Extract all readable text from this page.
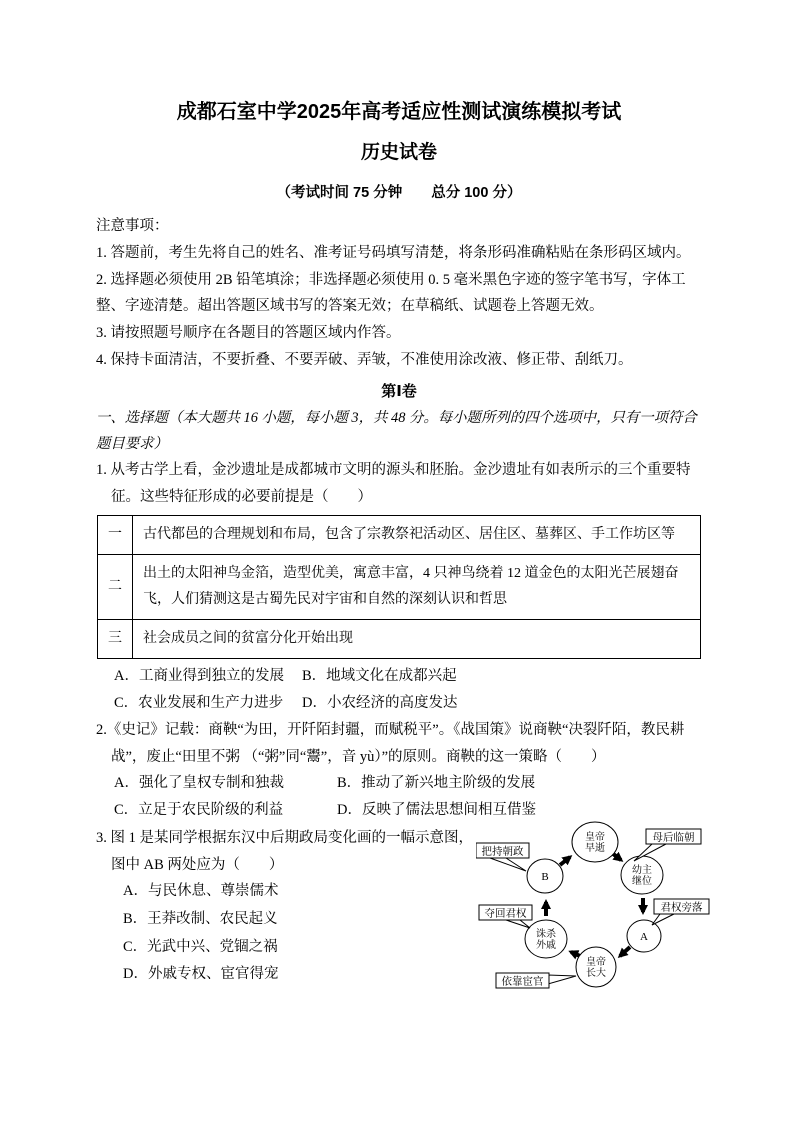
成都石室中学2025年高考适应性测试演练模拟考试
历史试卷
（考试时间 75 分钟　　总分 100 分）

注意事项：

1. 答题前，考生先将自己的姓名、准考证号码填写清楚，将条形码准确粘贴在条形码区域内。

2. 选择题必须使用 2B 铅笔填涂；非选择题必须使用 0. 5 毫米黑色字迹的签字笔书写，字体工整、字迹清楚。超出答题区域书写的答案无效；在草稿纸、试题卷上答题无效。

3. 请按照题号顺序在各题目的答题区域内作答。

4. 保持卡面清洁，不要折叠、不要弄破、弄皱，不准使用涂改液、修正带、刮纸刀。

第Ⅰ卷
一、选择题（本大题共 16 小题，每小题 3，共 48 分。每小题所列的四个选项中，只有一项符合题目要求）

1. 从考古学上看，金沙遗址是成都城市文明的源头和胚胎。金沙遗址有如表所示的三个重要特征。这些特征形成的必要前提是（　　）

一	古代都邑的合理规划和布局，包含了宗教祭祀活动区、居住区、墓葬区、手工作坊区等
二	出土的太阳神鸟金箔，造型优美，寓意丰富，4 只神鸟绕着 12 道金色的太阳光芒展翅奋飞，人们猜测这是古蜀先民对宇宙和自然的深刻认识和哲思
三	社会成员之间的贫富分化开始出现
A．工商业得到独立的发展	B．地域文化在成都兴起
C．农业发展和生产力进步	D．小农经济的高度发达

2.《史记》记载：商鞅“为田，开阡陌封疆，而赋税平”。《战国策》说商鞅“决裂阡陌，教民耕战”，废止“田里不粥 （“粥”同“鬻”，音 yù）”的原则。商鞅的这一策略（　　）

A．强化了皇权专制和独裁	B．推动了新兴地主阶级的发展
C．立足于农民阶级的利益	D．反映了儒法思想间相互借鉴

3. 图 1 是某同学根据东汉中后期政局变化画的一幅示意图，图中 AB 两处应为（　　）

A．与民休息、尊崇儒术
B．王莽改制、农民起义
C．光武中兴、党锢之祸
D．外戚专权、宦官得宠
皇帝早逝
幼主继位
A
皇帝长大
诛杀外戚
B
把持朝政
母后临朝
君权旁落
夺回君权
依靠宦官
